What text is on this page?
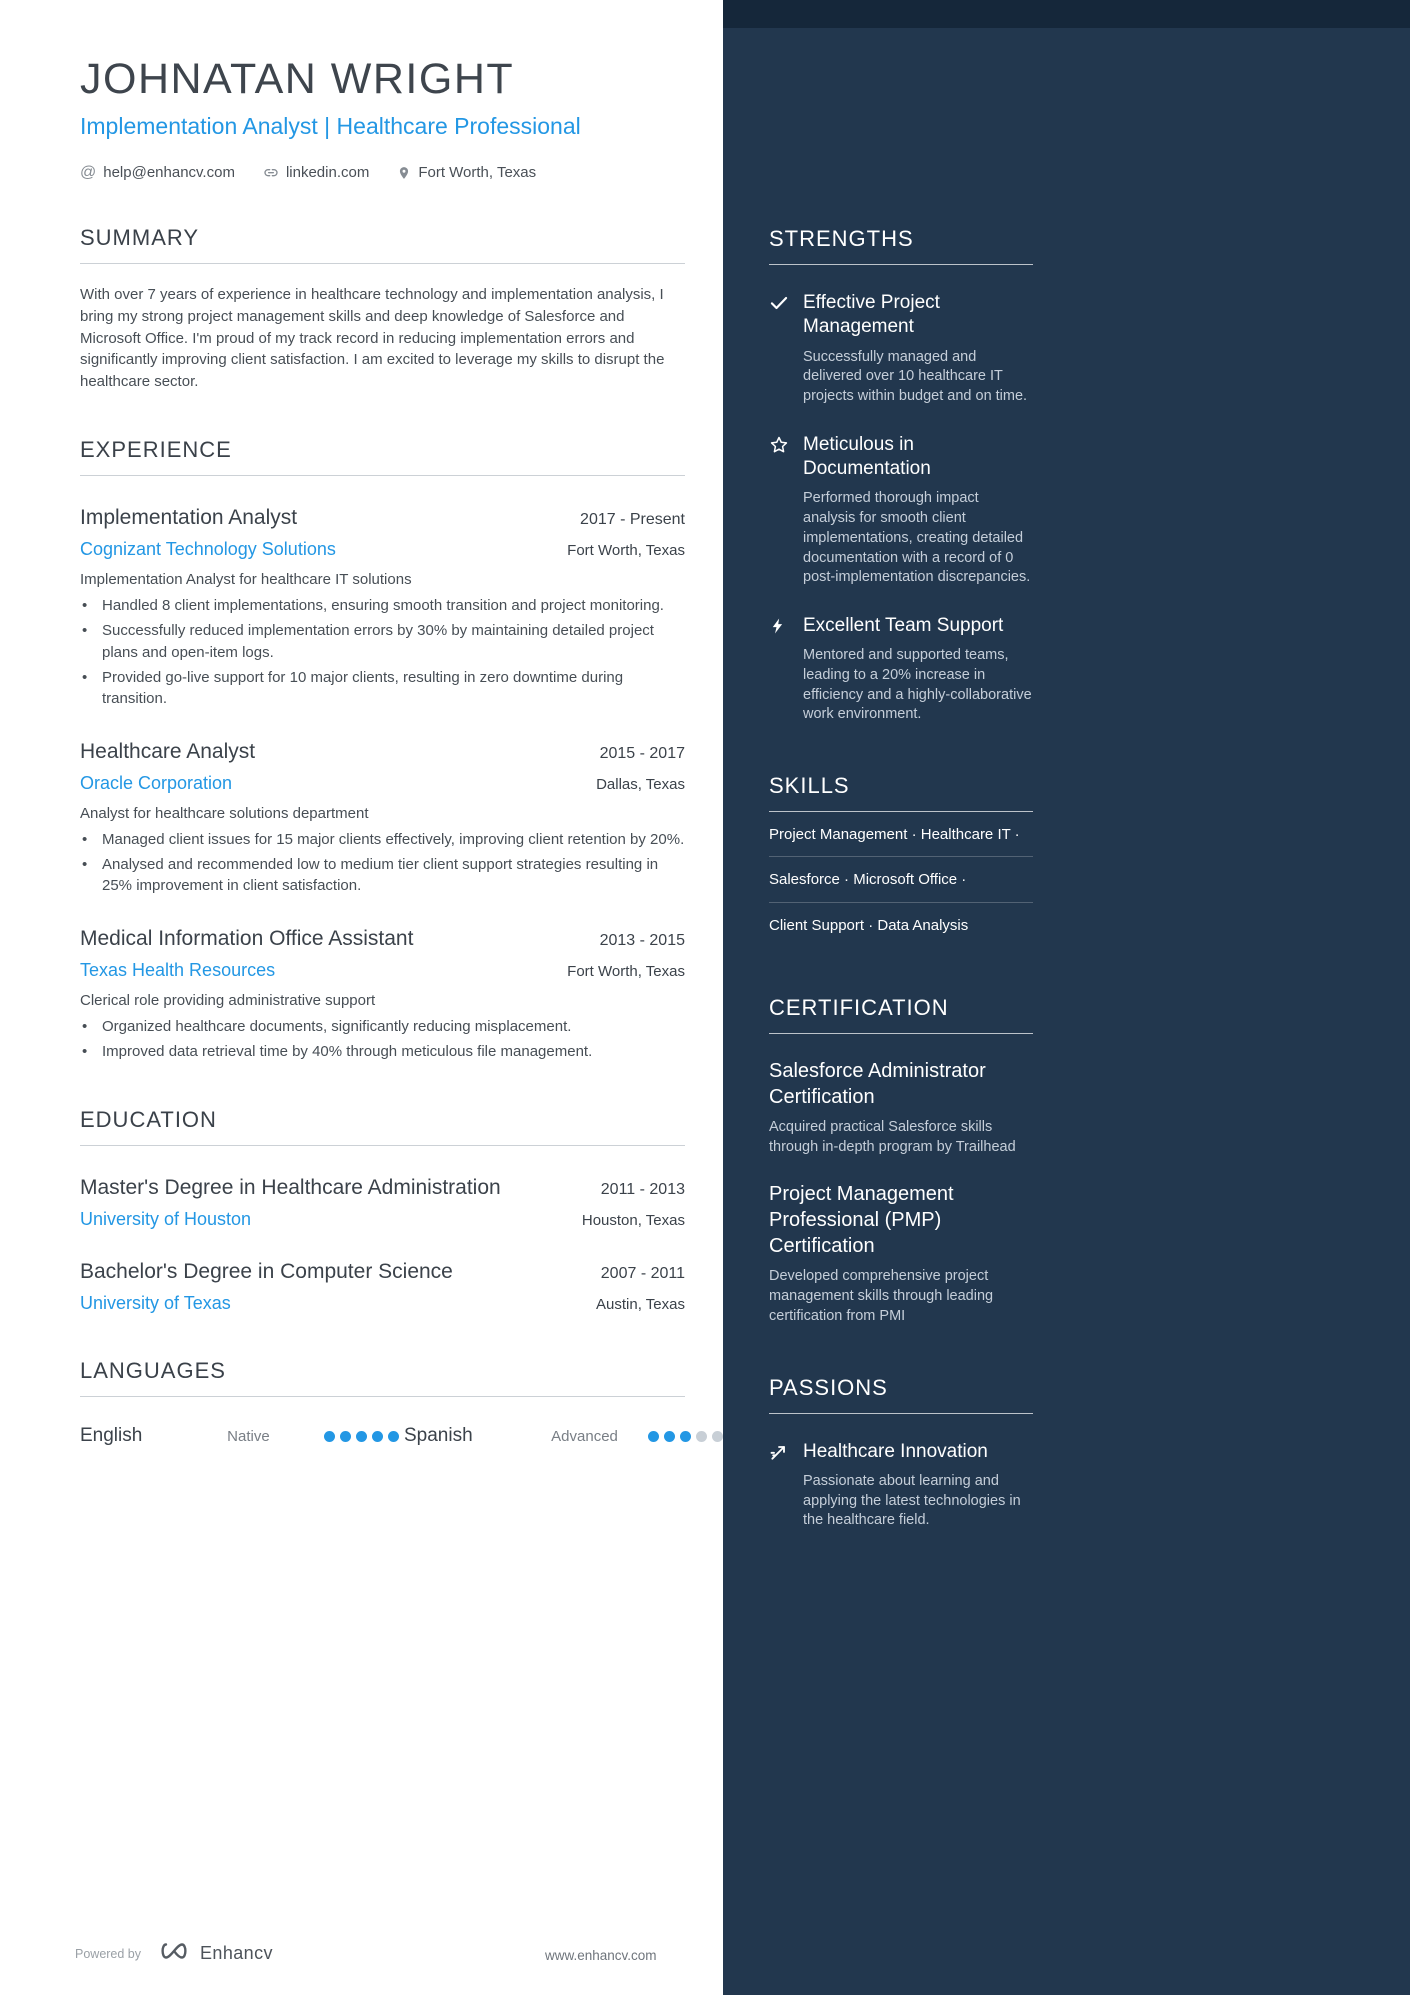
JOHNATAN WRIGHT
Implementation Analyst | Healthcare Professional
@ help@enhancv.com	linkedin.com	Fort Worth, Texas
SUMMARY
With over 7 years of experience in healthcare technology and implementation analysis, I bring my strong project management skills and deep knowledge of Salesforce and Microsoft Office. I'm proud of my track record in reducing implementation errors and significantly improving client satisfaction. I am excited to leverage my skills to disrupt the healthcare sector.
EXPERIENCE
Implementation Analyst	2017 - Present
Cognizant Technology Solutions	Fort Worth, Texas
Implementation Analyst for healthcare IT solutions
• Handled 8 client implementations, ensuring smooth transition and project monitoring.
• Successfully reduced implementation errors by 30% by maintaining detailed project plans and open-item logs.
• Provided go-live support for 10 major clients, resulting in zero downtime during transition.
Healthcare Analyst	2015 - 2017
Oracle Corporation	Dallas, Texas
Analyst for healthcare solutions department
• Managed client issues for 15 major clients effectively, improving client retention by 20%.
• Analysed and recommended low to medium tier client support strategies resulting in 25% improvement in client satisfaction.
Medical Information Office Assistant	2013 - 2015
Texas Health Resources	Fort Worth, Texas
Clerical role providing administrative support
• Organized healthcare documents, significantly reducing misplacement.
• Improved data retrieval time by 40% through meticulous file management.
EDUCATION
Master's Degree in Healthcare Administration	2011 - 2013
University of Houston	Houston, Texas
Bachelor's Degree in Computer Science	2007 - 2011
University of Texas	Austin, Texas
LANGUAGES
English	Native	Spanish	Advanced
Powered by	Enhancv	www.enhancv.com
STRENGTHS
Effective Project Management
Successfully managed and delivered over 10 healthcare IT projects within budget and on time.
Meticulous in Documentation
Performed thorough impact analysis for smooth client implementations, creating detailed documentation with a record of 0 post-implementation discrepancies.
Excellent Team Support
Mentored and supported teams, leading to a 20% increase in efficiency and a highly-collaborative work environment.
SKILLS
Project Management · Healthcare IT ·
Salesforce · Microsoft Office ·
Client Support · Data Analysis
CERTIFICATION
Salesforce Administrator Certification
Acquired practical Salesforce skills through in-depth program by Trailhead
Project Management Professional (PMP) Certification
Developed comprehensive project management skills through leading certification from PMI
PASSIONS
Healthcare Innovation
Passionate about learning and applying the latest technologies in the healthcare field.
